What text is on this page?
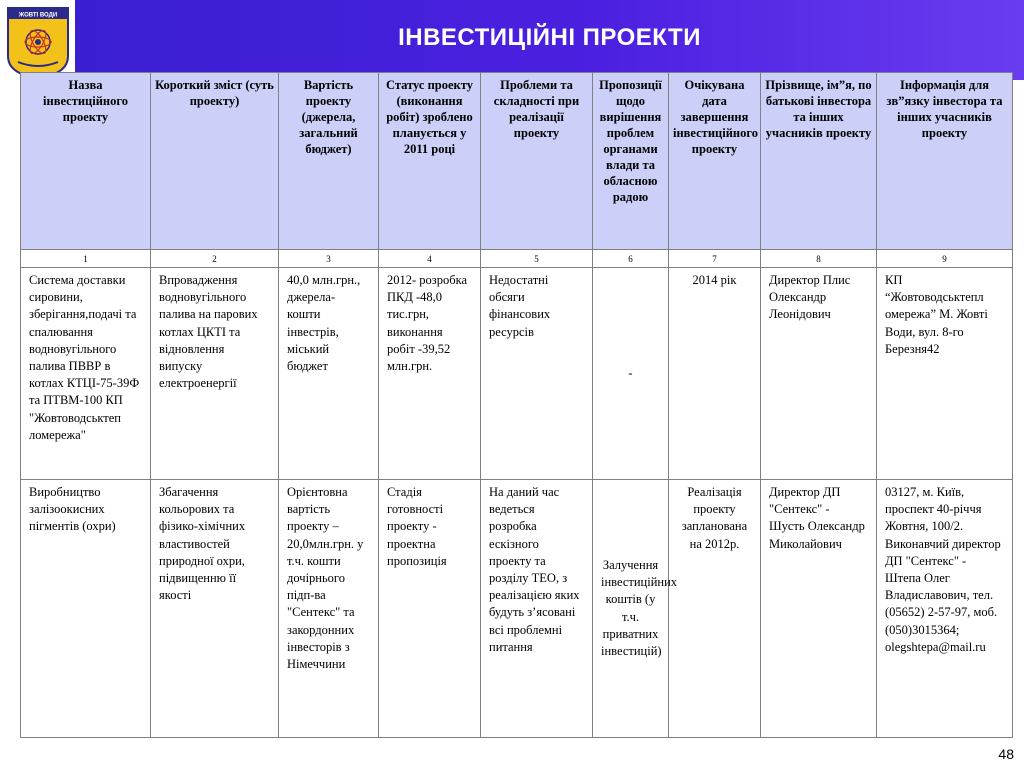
ІНВЕСТИЦІЙНІ ПРОЕКТИ
ЖОВТІ ВОДИ
Назва інвестиційного проекту	Короткий зміст (суть проекту)	Вартість проекту (джерела, загальний бюджет)	Статус проекту (виконання робіт) зроблено планується у 2011 році	Проблеми та складності при реалізації проекту	Пропозиції щодо вирішення проблем органами влади та обласною радою	Очікувана дата завершення інвестиційного проекту	Прізвище, ім”я, по батькові інвестора та інших учасників проекту	Інформація для зв”язку інвестора та інших учасників проекту
1	2	3	4	5	6	7	8	9
Система доставки сировини, зберігання,подачі та спалювання водновугільного палива ПВВР в котлах КТЦІ-75-39Ф та ПТВМ-100 КП "Жовтоводськтеп ломережа"	Впровадження водновугільного палива на парових котлах ЦКТІ та відновлення випуску електроенергії	40,0 млн.грн., джерела- кошти інвестрів, міський бюджет	2012- розробка ПКД -48,0 тис.грн, виконання робіт -39,52 млн.грн.	Недостатні обсяги фінансових ресурсів	-	2014 рік	Директор Плис Олександр Леонідович	КП “Жовтоводськтепл омережа” М. Жовті Води, вул. 8-го Березня42
Виробництво залізоокисних пігментів (охри)	Збагачення кольорових та фізико-хімічних властивостей природної охри, підвищенню її якості	Орієнтовна вартість проекту – 20,0млн.грн. у т.ч. кошти дочірнього підп-ва "Сентекс" та закордонних інвесторів з Німеччини	Стадія готовності проекту - проектна пропозиція	На даний час ведеться розробка ескізного проекту та розділу ТЕО, з реалізацією яких будуть з’ясовані всі проблемні питання	Залучення інвестиційних коштів (у т.ч. приватних інвестицій)	Реалізація проекту запланована на 2012р.	Директор ДП "Сентекс" - Шусть Олександр Миколайович	03127, м. Київ, проспект 40-річчя Жовтня, 100/2. Виконавчий директор ДП "Сентекс" - Штепа Олег Владиславович, тел. (05652) 2-57-97, моб.(050)3015364; olegshtepa@mail.ru
48
